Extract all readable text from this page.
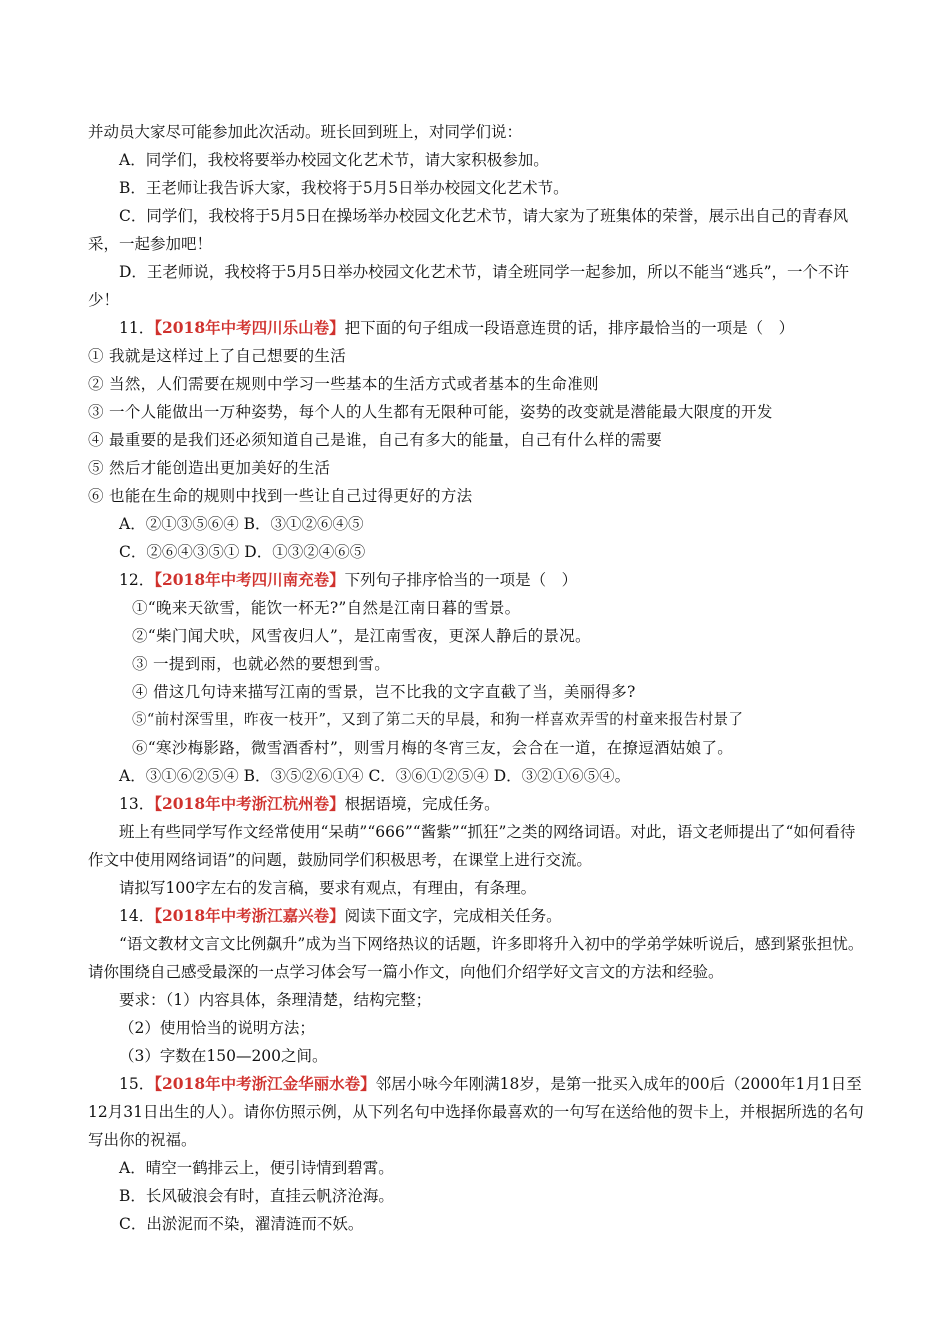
并动员大家尽可能参加此次活动。班长回到班上，对同学们说：
A．同学们，我校将要举办校园文化艺术节，请大家积极参加。
B．王老师让我告诉大家，我校将于5月5日举办校园文化艺术节。
C．同学们，我校将于5月5日在操场举办校园文化艺术节，请大家为了班集体的荣誉，展示出自己的青春风采，一起参加吧！
D．王老师说，我校将于5月5日举办校园文化艺术节，请全班同学一起参加，所以不能当“逃兵”，一个不许少！
11．【2018年中考四川乐山卷】把下面的句子组成一段语意连贯的话，排序最恰当的一项是（　）
① 我就是这样过上了自己想要的生活
② 当然，人们需要在规则中学习一些基本的生活方式或者基本的生命准则
③ 一个人能做出一万种姿势，每个人的人生都有无限种可能，姿势的改变就是潜能最大限度的开发
④ 最重要的是我们还必须知道自己是谁，自己有多大的能量，自己有什么样的需要
⑤ 然后才能创造出更加美好的生活
⑥ 也能在生命的规则中找到一些让自己过得更好的方法
A．②①③⑤⑥④ B．③①②⑥④⑤
C．②⑥④③⑤① D．①③②④⑥⑤
12．【2018年中考四川南充卷】下列句子排序恰当的一项是（　）
①“晚来天欲雪，能饮一杯无?”自然是江南日暮的雪景。
②“柴门闻犬吠，风雪夜归人”，是江南雪夜，更深人静后的景况。
③ 一提到雨，也就必然的要想到雪。
④ 借这几句诗来描写江南的雪景，岂不比我的文字直截了当，美丽得多?
⑤“前村深雪里，昨夜一枝开”，又到了第二天的早晨，和狗一样喜欢弄雪的村童来报告村景了
⑥“寒沙梅影路，微雪酒香村”，则雪月梅的冬宵三友，会合在一道，在撩逗酒姑娘了。
A．③①⑥②⑤④ B．③⑤②⑥①④ C．③⑥①②⑤④ D．③②①⑥⑤④。
13．【2018年中考浙江杭州卷】根据语境，完成任务。
班上有些同学写作文经常使用“呆萌”“666”“酱紫”“抓狂”之类的网络词语。对此，语文老师提出了“如何看待作文中使用网络词语”的问题，鼓励同学们积极思考，在课堂上进行交流。
请拟写100字左右的发言稿，要求有观点，有理由，有条理。
14．【2018年中考浙江嘉兴卷】阅读下面文字，完成相关任务。
“语文教材文言文比例飙升”成为当下网络热议的话题，许多即将升入初中的学弟学妹听说后，感到紧张担忧。请你围绕自己感受最深的一点学习体会写一篇小作文，向他们介绍学好文言文的方法和经验。
要求：（1）内容具体，条理清楚，结构完整；
（2）使用恰当的说明方法；
（3）字数在150—200之间。
15．【2018年中考浙江金华丽水卷】邻居小咏今年刚满18岁，是第一批买入成年的00后（2000年1月1日至12月31日出生的人）。请你仿照示例，从下列名句中选择你最喜欢的一句写在送给他的贺卡上，并根据所选的名句写出你的祝福。
A．晴空一鹤排云上，便引诗情到碧霄。
B．长风破浪会有时，直挂云帆济沧海。
C．出淤泥而不染，濯清涟而不妖。
